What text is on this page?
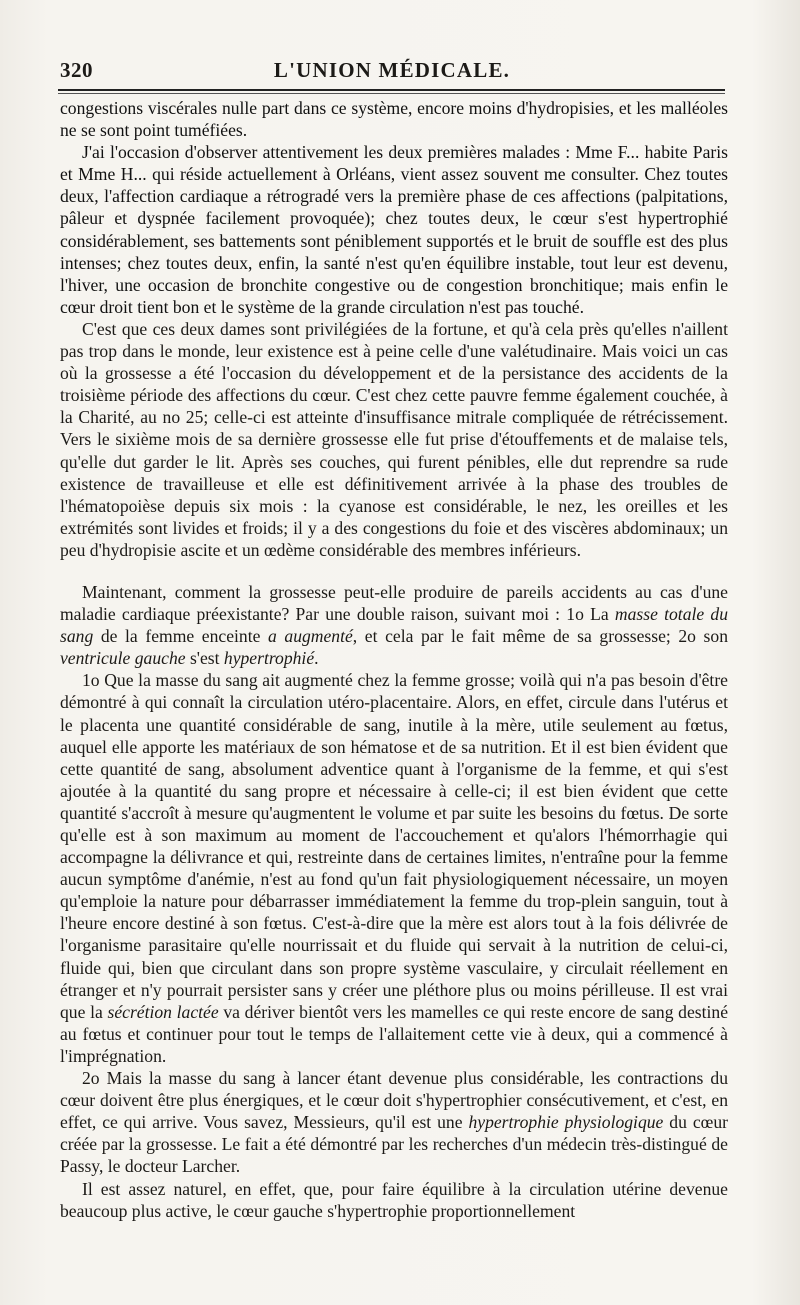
320	L'UNION MÉDICALE.

congestions viscérales nulle part dans ce système, encore moins d'hydropisies, et les malléoles ne se sont point tuméfiées.

J'ai l'occasion d'observer attentivement les deux premières malades : Mme F... habite Paris et Mme H... qui réside actuellement à Orléans, vient assez souvent me consulter. Chez toutes deux, l'affection cardiaque a rétrogradé vers la première phase de ces affections (palpitations, pâleur et dyspnée facilement provoquée); chez toutes deux, le cœur s'est hypertrophié considérablement, ses battements sont péniblement supportés et le bruit de souffle est des plus intenses; chez toutes deux, enfin, la santé n'est qu'en équilibre instable, tout leur est devenu, l'hiver, une occasion de bronchite congestive ou de congestion bronchitique; mais enfin le cœur droit tient bon et le système de la grande circulation n'est pas touché.

C'est que ces deux dames sont privilégiées de la fortune, et qu'à cela près qu'elles n'aillent pas trop dans le monde, leur existence est à peine celle d'une valétudinaire. Mais voici un cas où la grossesse a été l'occasion du développement et de la persistance des accidents de la troisième période des affections du cœur. C'est chez cette pauvre femme également couchée, à la Charité, au no 25; celle-ci est atteinte d'insuffisance mitrale compliquée de rétrécissement. Vers le sixième mois de sa dernière grossesse elle fut prise d'étouffements et de malaise tels, qu'elle dut garder le lit. Après ses couches, qui furent pénibles, elle dut reprendre sa rude existence de travailleuse et elle est définitivement arrivée à la phase des troubles de l'hématopoièse depuis six mois : la cyanose est considérable, le nez, les oreilles et les extrémités sont livides et froids; il y a des congestions du foie et des viscères abdominaux; un peu d'hydropisie ascite et un œdème considérable des membres inférieurs.

Maintenant, comment la grossesse peut-elle produire de pareils accidents au cas d'une maladie cardiaque préexistante? Par une double raison, suivant moi : 1o La masse totale du sang de la femme enceinte a augmenté, et cela par le fait même de sa grossesse; 2o son ventricule gauche s'est hypertrophié.

1o Que la masse du sang ait augmenté chez la femme grosse; voilà qui n'a pas besoin d'être démontré à qui connaît la circulation utéro-placentaire. Alors, en effet, circule dans l'utérus et le placenta une quantité considérable de sang, inutile à la mère, utile seulement au fœtus, auquel elle apporte les matériaux de son hématose et de sa nutrition. Et il est bien évident que cette quantité de sang, absolument adventice quant à l'organisme de la femme, et qui s'est ajoutée à la quantité du sang propre et nécessaire à celle-ci; il est bien évident que cette quantité s'accroît à mesure qu'augmentent le volume et par suite les besoins du fœtus. De sorte qu'elle est à son maximum au moment de l'accouchement et qu'alors l'hémorrhagie qui accompagne la délivrance et qui, restreinte dans de certaines limites, n'entraîne pour la femme aucun symptôme d'anémie, n'est au fond qu'un fait physiologiquement nécessaire, un moyen qu'emploie la nature pour débarrasser immédiatement la femme du trop-plein sanguin, tout à l'heure encore destiné à son fœtus. C'est-à-dire que la mère est alors tout à la fois délivrée de l'organisme parasitaire qu'elle nourrissait et du fluide qui servait à la nutrition de celui-ci, fluide qui, bien que circulant dans son propre système vasculaire, y circulait réellement en étranger et n'y pourrait persister sans y créer une pléthore plus ou moins périlleuse. Il est vrai que la sécrétion lactée va dériver bientôt vers les mamelles ce qui reste encore de sang destiné au fœtus et continuer pour tout le temps de l'allaitement cette vie à deux, qui a commencé à l'imprégnation.

2o Mais la masse du sang à lancer étant devenue plus considérable, les contractions du cœur doivent être plus énergiques, et le cœur doit s'hypertrophier consécutivement, et c'est, en effet, ce qui arrive. Vous savez, Messieurs, qu'il est une hypertrophie physiologique du cœur créée par la grossesse. Le fait a été démontré par les recherches d'un médecin très-distingué de Passy, le docteur Larcher.

Il est assez naturel, en effet, que, pour faire équilibre à la circulation utérine devenue beaucoup plus active, le cœur gauche s'hypertrophie proportionnellement
